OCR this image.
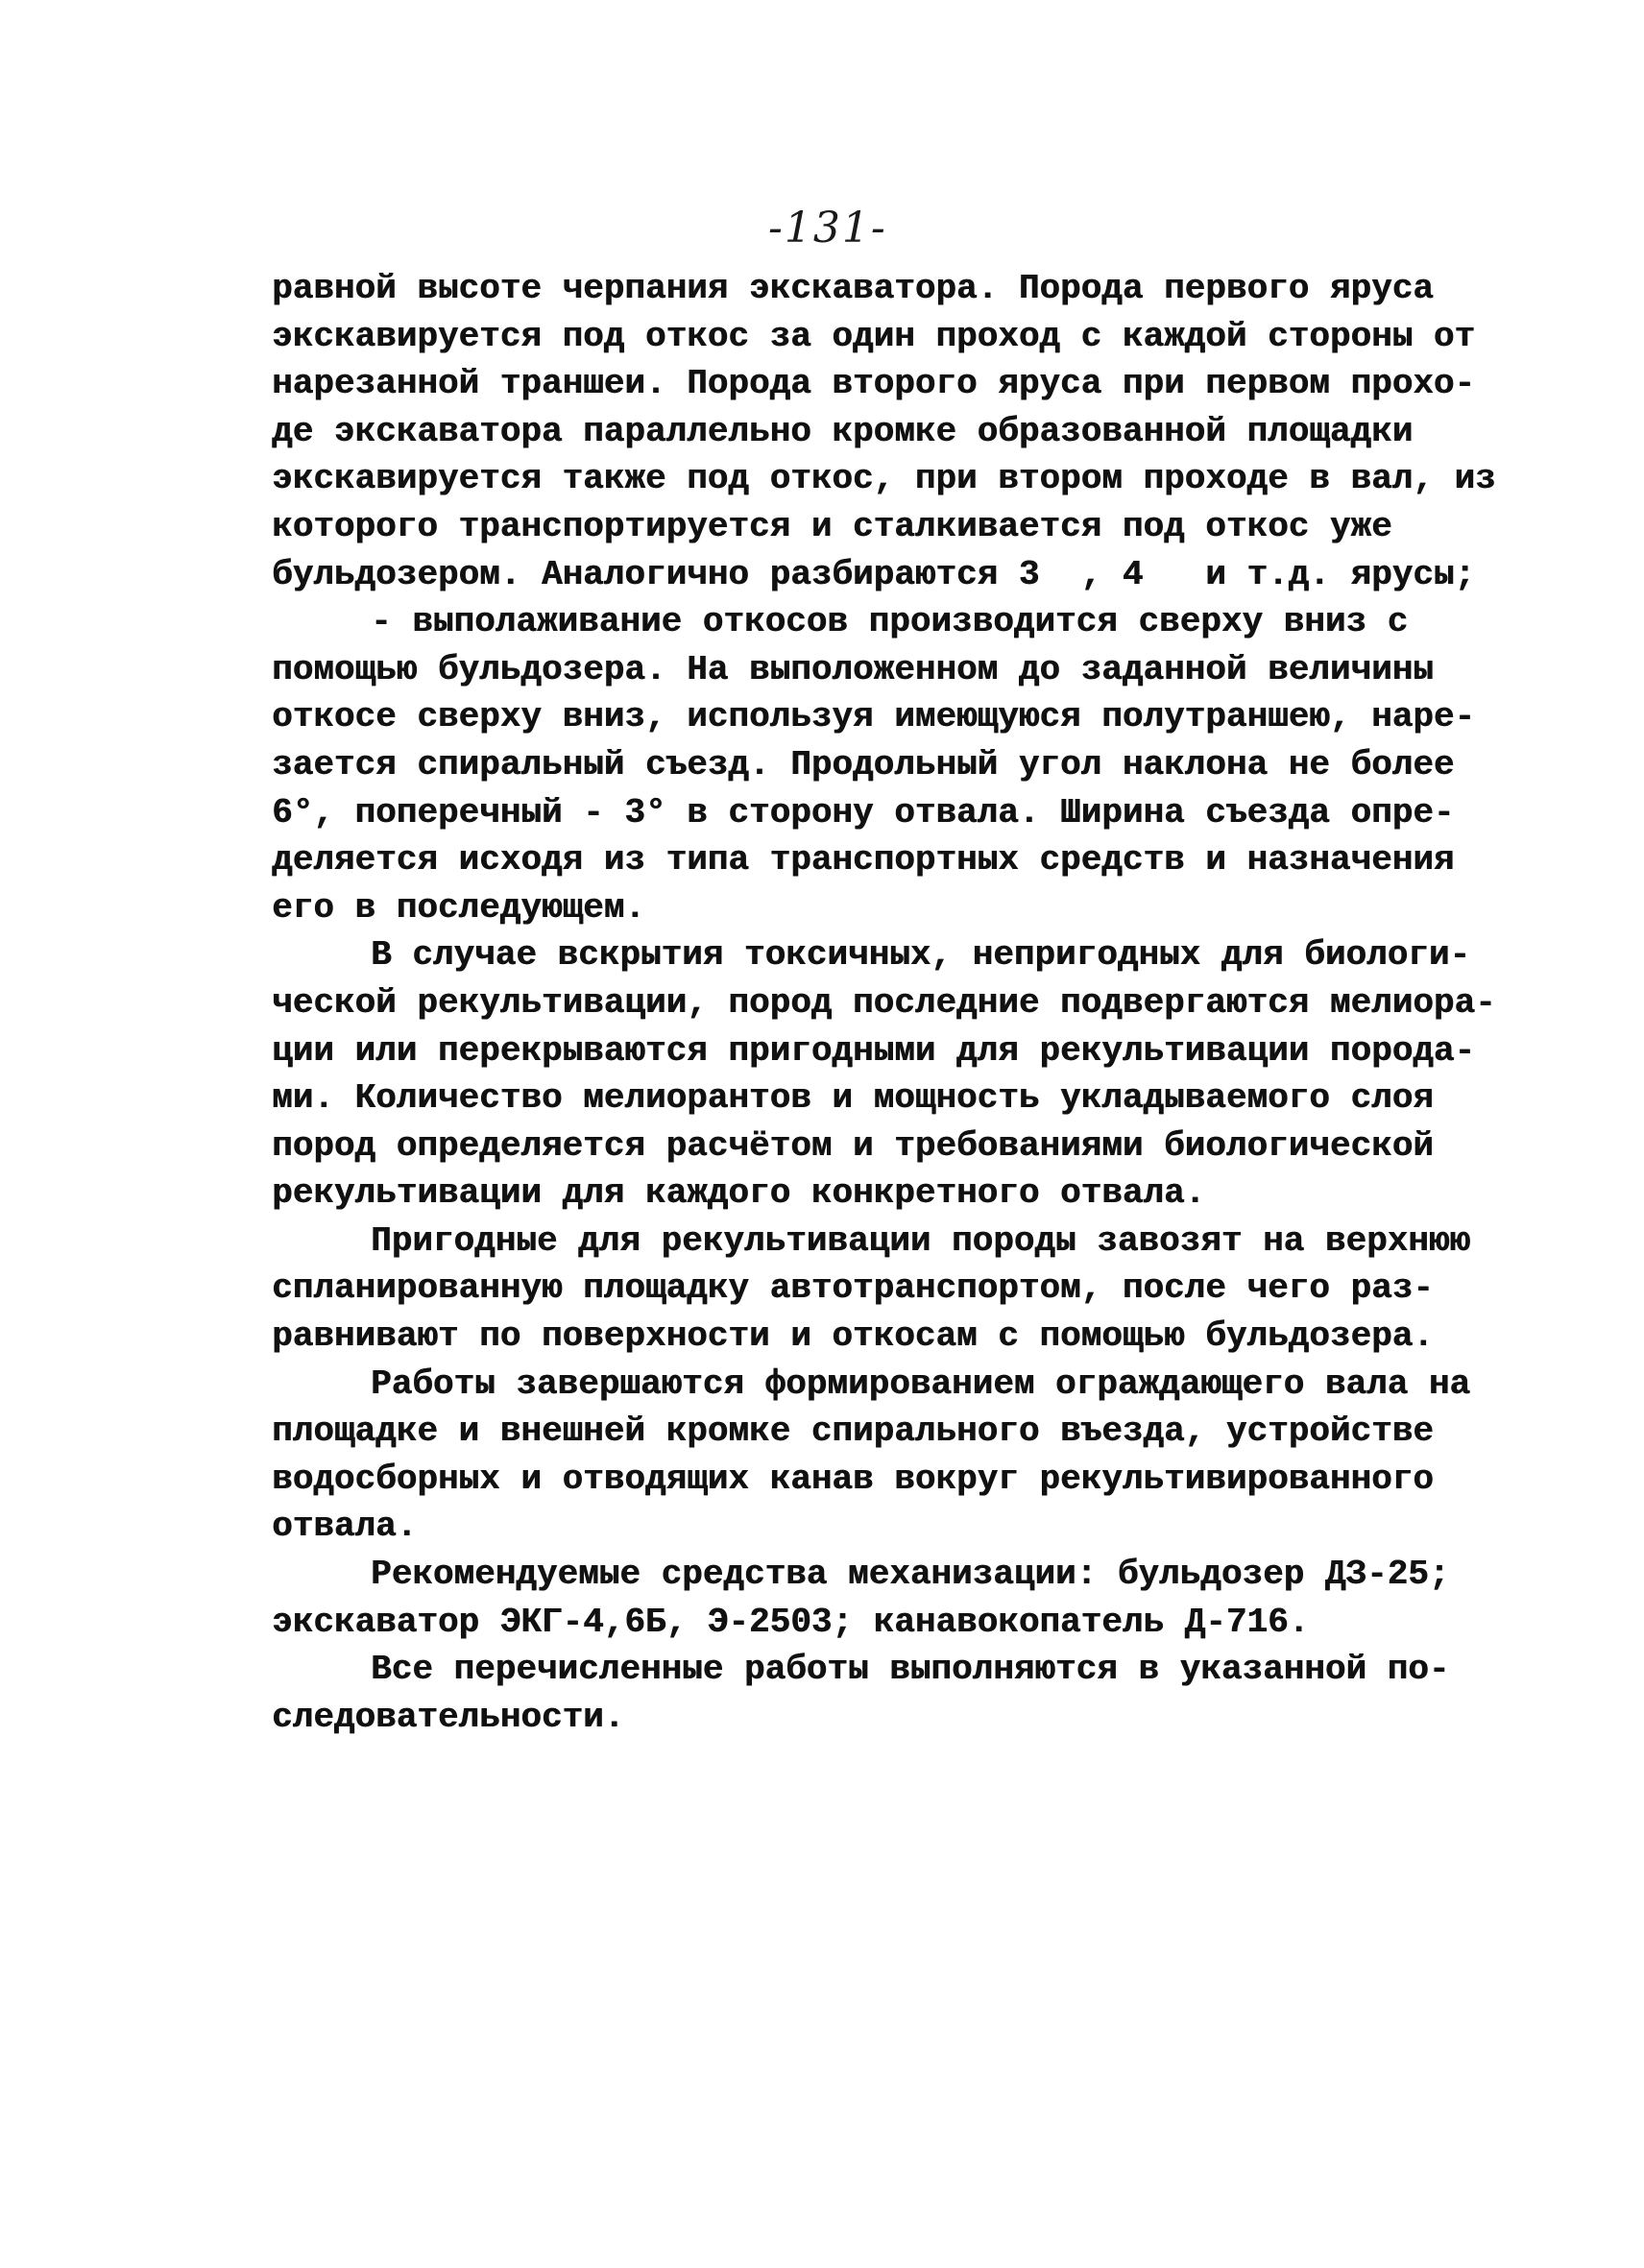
-131-
равной высоте черпания экскаватора. Порода первого яруса
экскавируется под откос за один проход с каждой стороны от
нарезанной траншеи. Порода второго яруса при первом прохо-
де экскаватора параллельно кромке образованной площадки
экскавируется также под откос, при втором проходе в вал, из
которого транспортируется и сталкивается под откос уже
бульдозером. Аналогично разбираются 3  , 4   и т.д. ярусы;
- выполаживание откосов производится сверху вниз с
помощью бульдозера. На выположенном до заданной величины
откосе сверху вниз, используя имеющуюся полутраншею, наре-
зается спиральный съезд. Продольный угол наклона не более
6°, поперечный - 3° в сторону отвала. Ширина съезда опре-
деляется исходя из типа транспортных средств и назначения
его в последующем.
В случае вскрытия токсичных, непригодных для биологи-
ческой рекультивации, пород последние подвергаются мелиора-
ции или перекрываются пригодными для рекультивации порода-
ми. Количество мелиорантов и мощность укладываемого слоя
пород определяется расчётом и требованиями биологической
рекультивации для каждого конкретного отвала.
Пригодные для рекультивации породы завозят на верхнюю
спланированную площадку автотранспортом, после чего раз-
равнивают по поверхности и откосам с помощью бульдозера.
Работы завершаются формированием ограждающего вала на
площадке и внешней кромке спирального въезда, устройстве
водосборных и отводящих канав вокруг рекультивированного
отвала.
Рекомендуемые средства механизации: бульдозер ДЗ-25;
экскаватор ЭКГ-4,6Б, Э-2503; канавокопатель Д-716.
Все перечисленные работы выполняются в указанной по-
следовательности.
